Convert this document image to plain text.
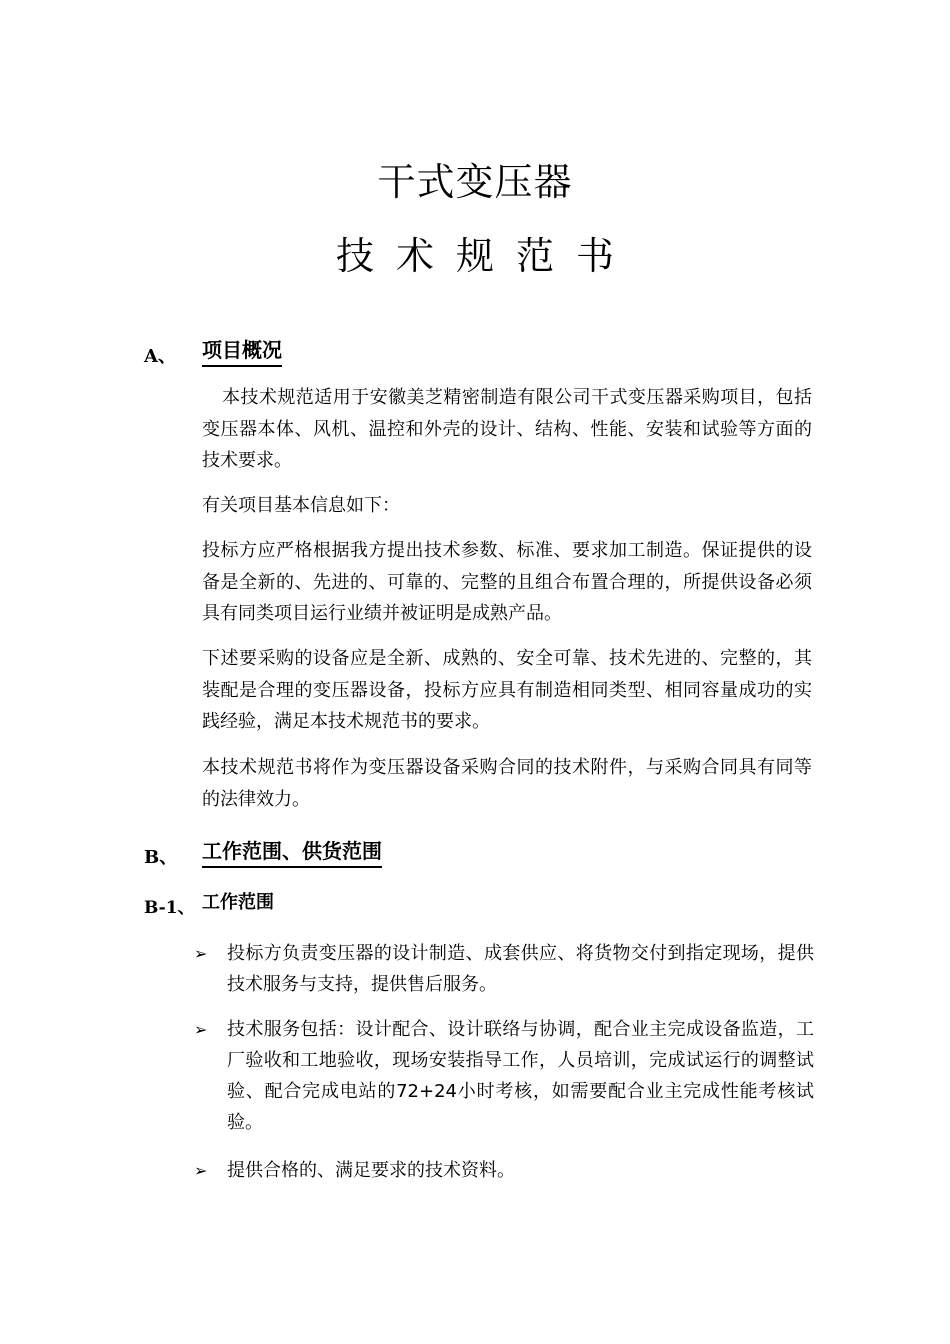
干式变压器
技术规范书
A、 项目概况
本技术规范适用于安徽美芝精密制造有限公司干式变压器采购项目，包括变压器本体、风机、温控和外壳的设计、结构、性能、安装和试验等方面的技术要求。
有关项目基本信息如下：
投标方应严格根据我方提出技术参数、标准、要求加工制造。保证提供的设备是全新的、先进的、可靠的、完整的且组合布置合理的，所提供设备必须具有同类项目运行业绩并被证明是成熟产品。
下述要采购的设备应是全新、成熟的、安全可靠、技术先进的、完整的，其装配是合理的变压器设备，投标方应具有制造相同类型、相同容量成功的实践经验，满足本技术规范书的要求。
本技术规范书将作为变压器设备采购合同的技术附件，与采购合同具有同等的法律效力。
B、 工作范围、供货范围
B-1、 工作范围
➢ 投标方负责变压器的设计制造、成套供应、将货物交付到指定现场，提供技术服务与支持，提供售后服务。
➢ 技术服务包括：设计配合、设计联络与协调，配合业主完成设备监造，工厂验收和工地验收，现场安装指导工作，人员培训，完成试运行的调整试验、配合完成电站的72+24小时考核，如需要配合业主完成性能考核试验。
➢ 提供合格的、满足要求的技术资料。
